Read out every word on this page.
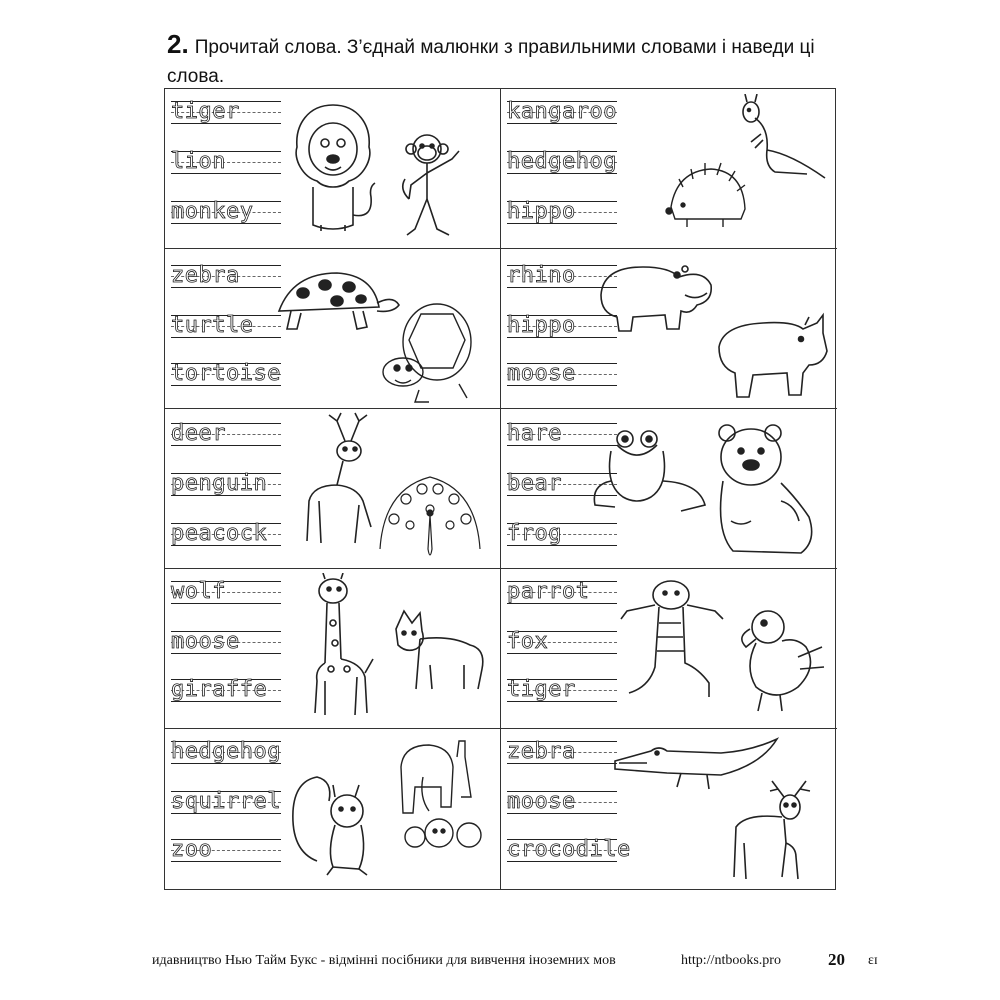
2. Прочитай слова. З’єднай малюнки з правильними словами і наведи ці слова.
tiger
lion
monkey
kangaroo
hedgehog
hippo
zebra
turtle
tortoise
rhino
hippo
moose
deer
penguin
peacock
hare
bear
frog
wolf
moose
giraffe
parrot
fox
tiger
hedgehog
squirrel
zoo
zebra
moose
crocodile
идавництво Нью Тайм Букс - відмінні посібники для вивчення іноземних мов	http://ntbooks.pro	20 ɛɪ
